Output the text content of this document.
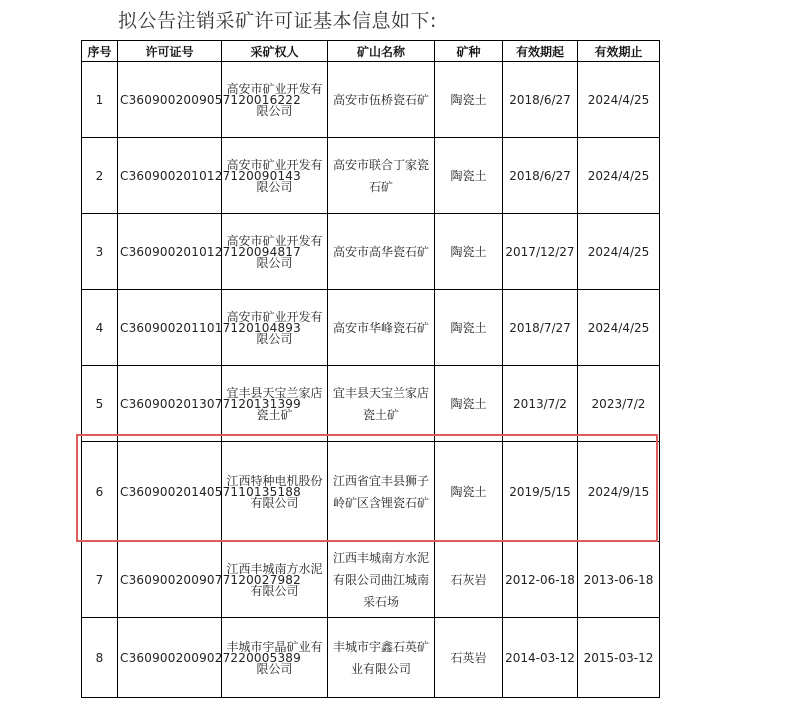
拟公告注销采矿许可证基本信息如下:
序号	许可证号	采矿权人	矿山名称	矿种	有效期起	有效期止
1	C3609002009057120016222	高安市矿业开发有限公司	高安市伍桥瓷石矿	陶瓷土	2018/6/27	2024/4/25
2	C3609002010127120090143	高安市矿业开发有限公司	高安市联合丁家瓷石矿	陶瓷土	2018/6/27	2024/4/25
3	C3609002010127120094817	高安市矿业开发有限公司	高安市高华瓷石矿	陶瓷土	2017/12/27	2024/4/25
4	C3609002011017120104893	高安市矿业开发有限公司	高安市华峰瓷石矿	陶瓷土	2018/7/27	2024/4/25
5	C3609002013077120131399	宜丰县天宝兰家店瓷土矿	宜丰县天宝兰家店瓷土矿	陶瓷土	2013/7/2	2023/7/2
6	C3609002014057110135188	江西特种电机股份有限公司	江西省宜丰县狮子岭矿区含锂瓷石矿	陶瓷土	2019/5/15	2024/9/15
7	C3609002009077120027982	江西丰城南方水泥有限公司	江西丰城南方水泥有限公司曲江城南采石场	石灰岩	2012-06-18	2013-06-18
8	C3609002009027220005389	丰城市宇晶矿业有限公司	丰城市宇鑫石英矿业有限公司	石英岩	2014-03-12	2015-03-12
